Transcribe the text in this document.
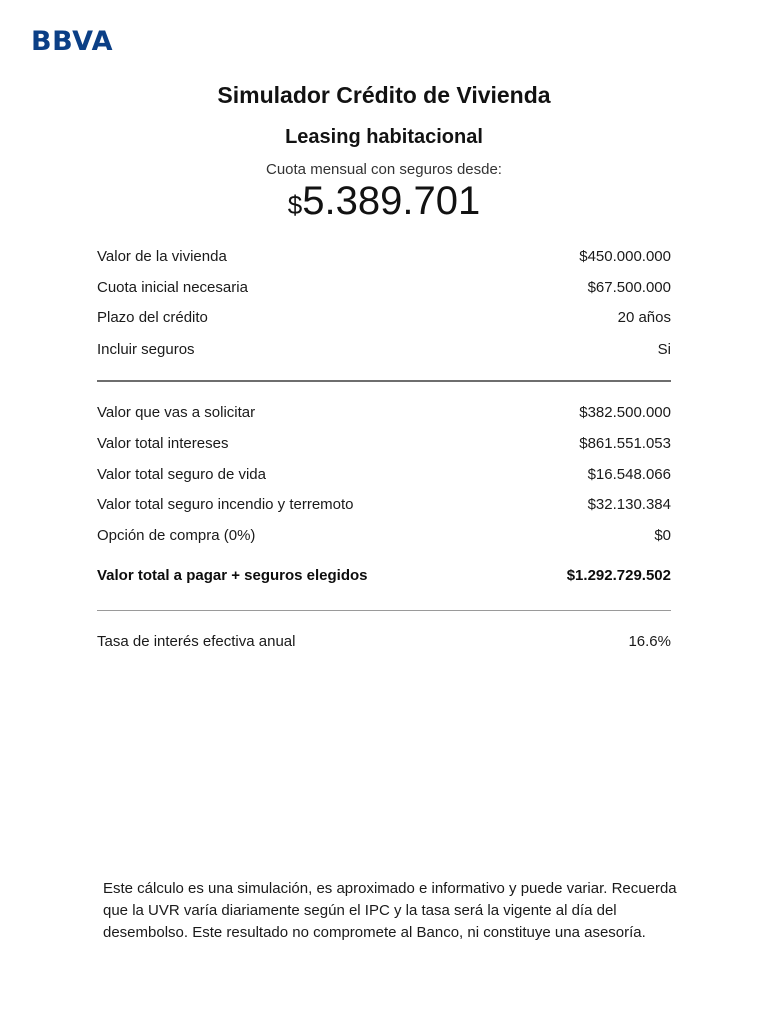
BBVA
Simulador Crédito de Vivienda
Leasing habitacional
Cuota mensual con seguros desde:
$5.389.701
Valor de la vivienda	$450.000.000
Cuota inicial necesaria	$67.500.000
Plazo del crédito	20 años
Incluir seguros	Si
Valor que vas a solicitar	$382.500.000
Valor total intereses	$861.551.053
Valor total seguro de vida	$16.548.066
Valor total seguro incendio y terremoto	$32.130.384
Opción de compra (0%)	$0
Valor total a pagar + seguros elegidos	$1.292.729.502
Tasa de interés efectiva anual	16.6%

Este cálculo es una simulación, es aproximado e informativo y puede variar. Recuerda que la UVR varía diariamente según el IPC y la tasa será la vigente al día del desembolso. Este resultado no compromete al Banco, ni constituye una asesoría.
